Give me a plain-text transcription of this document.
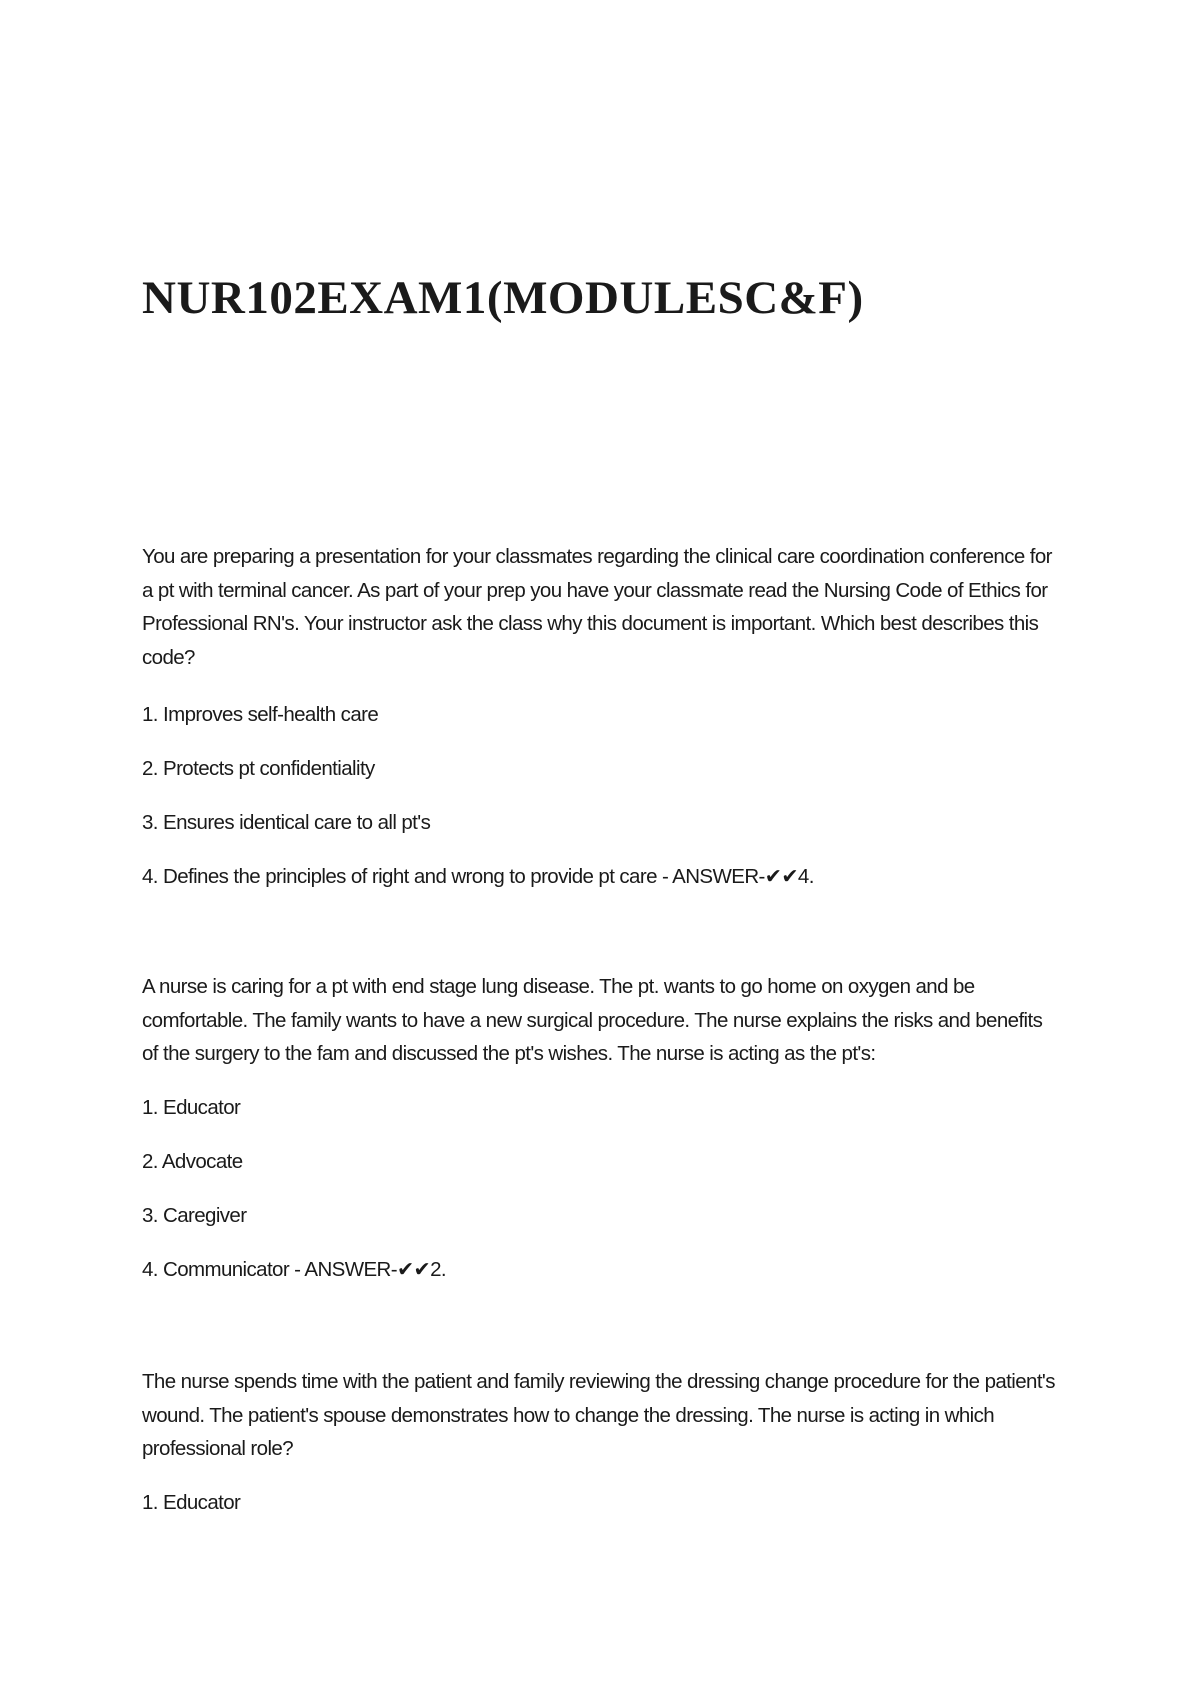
NUR102EXAM1(MODULESC&F)

You are preparing a presentation for your classmates regarding the clinical care coordination conference for a pt with terminal cancer. As part of your prep you have your classmate read the Nursing Code of Ethics for Professional RN's. Your instructor ask the class why this document is important. Which best describes this code?

1. Improves self-health care

2. Protects pt confidentiality

3. Ensures identical care to all pt's

4. Defines the principles of right and wrong to provide pt care - ANSWER-✔✔4.

A nurse is caring for a pt with end stage lung disease. The pt. wants to go home on oxygen and be comfortable. The family wants to have a new surgical procedure. The nurse explains the risks and benefits of the surgery to the fam and discussed the pt's wishes. The nurse is acting as the pt's:

1. Educator

2. Advocate

3. Caregiver

4. Communicator - ANSWER-✔✔2.

The nurse spends time with the patient and family reviewing the dressing change procedure for the patient's wound. The patient's spouse demonstrates how to change the dressing. The nurse is acting in which professional role?

1. Educator
